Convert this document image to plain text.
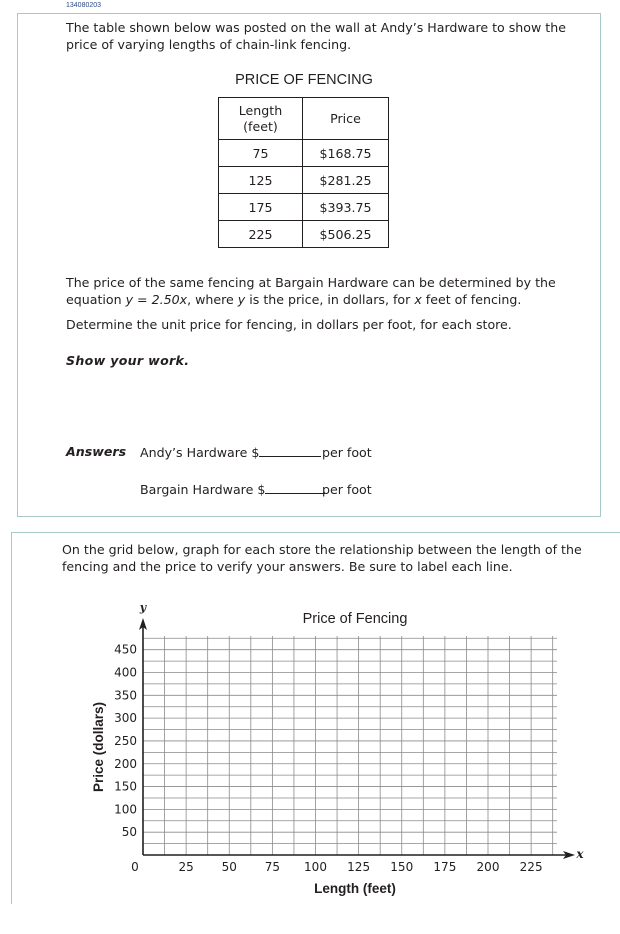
134080203
The table shown below was posted on the wall at Andy’s Hardware to show the price of varying lengths of chain-link fencing.
PRICE OF FENCING
Length
(feet)	Price
75	$168.75
125	$281.25
175	$393.75
225	$506.25
The price of the same fencing at Bargain Hardware can be determined by the equation y = 2.50x, where y is the price, in dollars, for x feet of fencing.
Determine the unit price for fencing, in dollars per foot, for each store.
Show your work.
Answers Andy’s Hardware $	per foot
Bargain Hardware $	per foot
On the grid below, graph for each store the relationship between the length of the fencing and the price to verify your answers. Be sure to label each line.
0	25 50 75 100 125 150 175 200 225
50
100
150
200
250
300
350
400
450
Price of Fencing
Length (feet)
Price (dollars)
y
x
